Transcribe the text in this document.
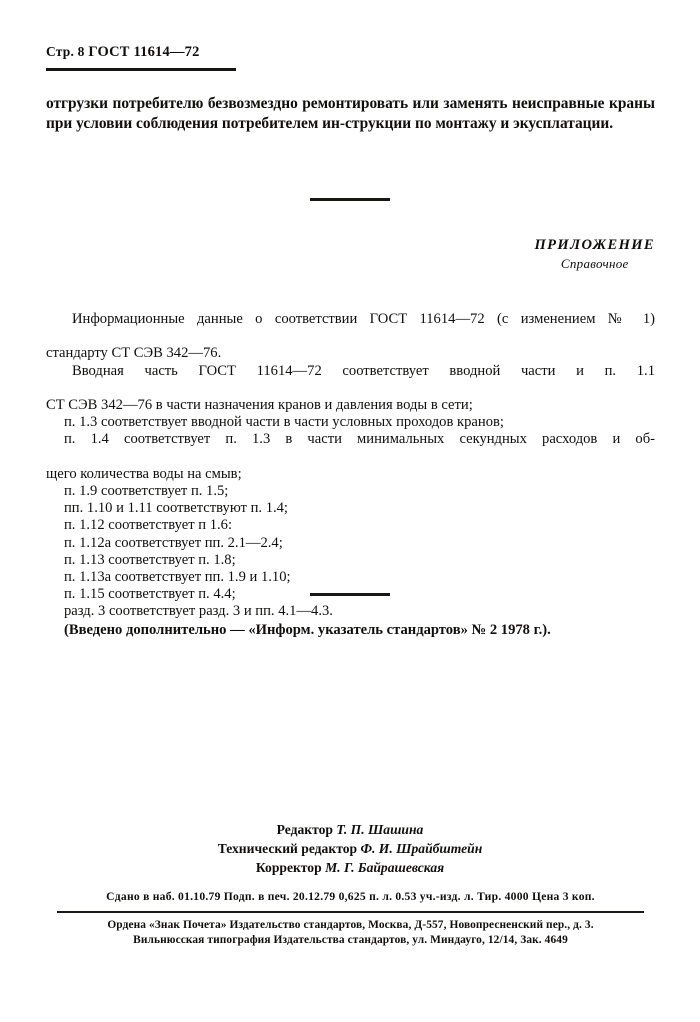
Стр. 8 ГОСТ 11614—72
отгрузки потребителю безвозмездно ремонтировать или заменять неисправные краны при условии соблюдения потребителем ин-струкции по монтажу и экусплатации.
ПРИЛОЖЕНИЕ
Справочное

Информационные данные о соответствии ГОСТ 11614—72 (с изменением № 1)

стандарту СТ СЭВ 342—76.

Вводная часть ГОСТ 11614—72 соответствует вводной части и п. 1.1

СТ СЭВ 342—76 в части назначения кранов и давления воды в сети;

п. 1.3 соответствует вводной части в части условных проходов кранов;

п. 1.4 соответствует п. 1.3 в части минимальных секундных расходов и об-

щего количества воды на смыв;

п. 1.9 соответствует п. 1.5;

пп. 1.10 и 1.11 соответствуют п. 1.4;

п. 1.12 соответствует п 1.6:

п. 1.12а соответствует пп. 2.1—2.4;

п. 1.13 соответствует п. 1.8;

п. 1.13а соответствует пп. 1.9 и 1.10;

п. 1.15 соответствует п. 4.4;

разд. 3 соответствует разд. 3 и пп. 4.1—4.3.

(Введено дополнительно — «Информ. указатель стандартов» № 2 1978 г.).

Редактор Т. П. Шашина
Технический редактор Ф. И. Шрайбштейн
Корректор М. Г. Байрашевская
Сдано в наб. 01.10.79 Подп. в печ. 20.12.79 0,625 п. л. 0.53 уч.-изд. л. Тир. 4000 Цена 3 коп.
Ордена «Знак Почета» Издательство стандартов, Москва, Д-557, Новопресненский пер., д. 3.
Вильнюсская типография Издательства стандартов, ул. Миндауго, 12/14, Зак. 4649
